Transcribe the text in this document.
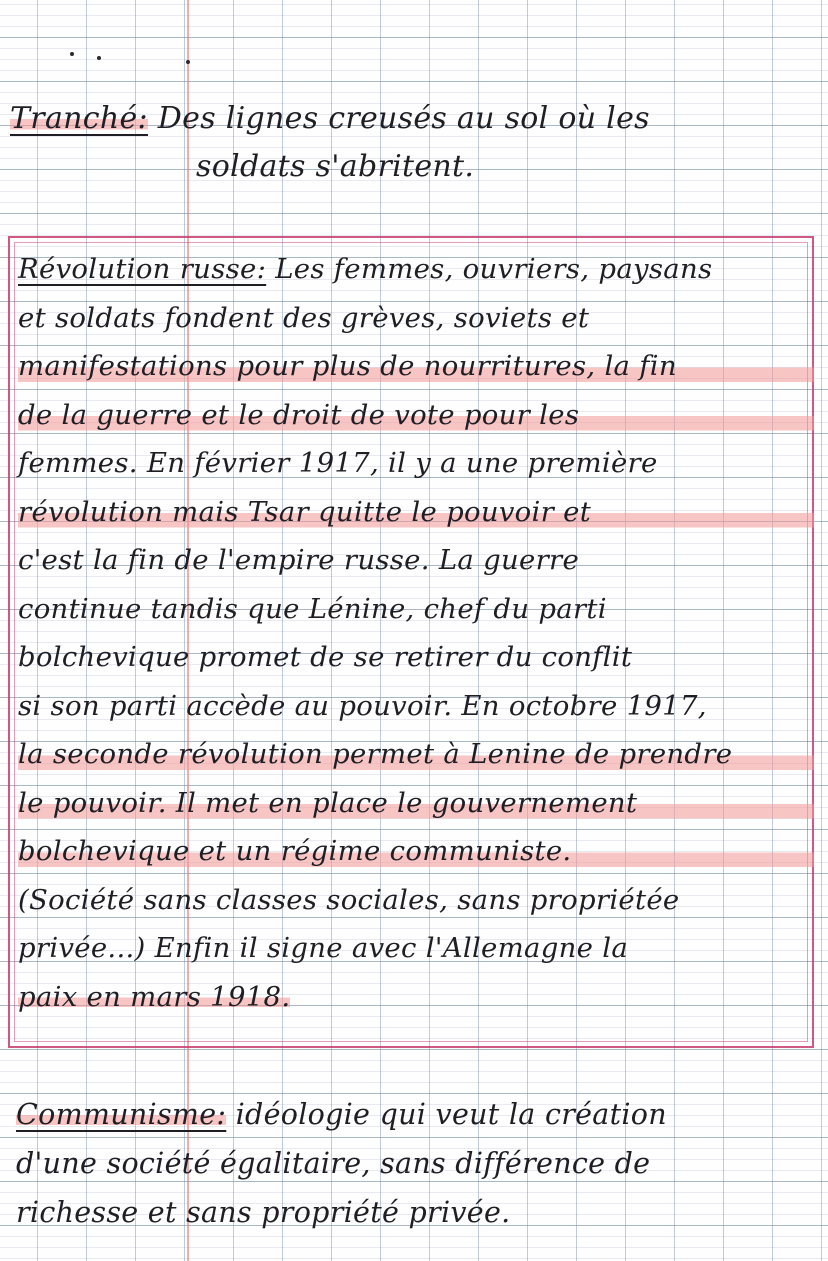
Tranché: Des lignes creusés au sol où les
soldats s'abritent.
Révolution russe: Les femmes, ouvriers, paysans
et soldats fondent des grèves, soviets et
manifestations pour plus de nourritures, la fin
de la guerre et le droit de vote pour les
femmes. En février 1917, il y a une première
révolution mais Tsar quitte le pouvoir et
c'est la fin de l'empire russe. La guerre
continue tandis que Lénine, chef du parti
bolchevique promet de se retirer du conflit
si son parti accède au pouvoir. En octobre 1917,
la seconde révolution permet à Lenine de prendre
le pouvoir. Il met en place le gouvernement
bolchevique et un régime communiste.
(Société sans classes sociales, sans propriétée
privée...) Enfin il signe avec l'Allemagne la
paix en mars 1918.
Communisme: idéologie qui veut la création
d'une société égalitaire, sans différence de
richesse et sans propriété privée.
